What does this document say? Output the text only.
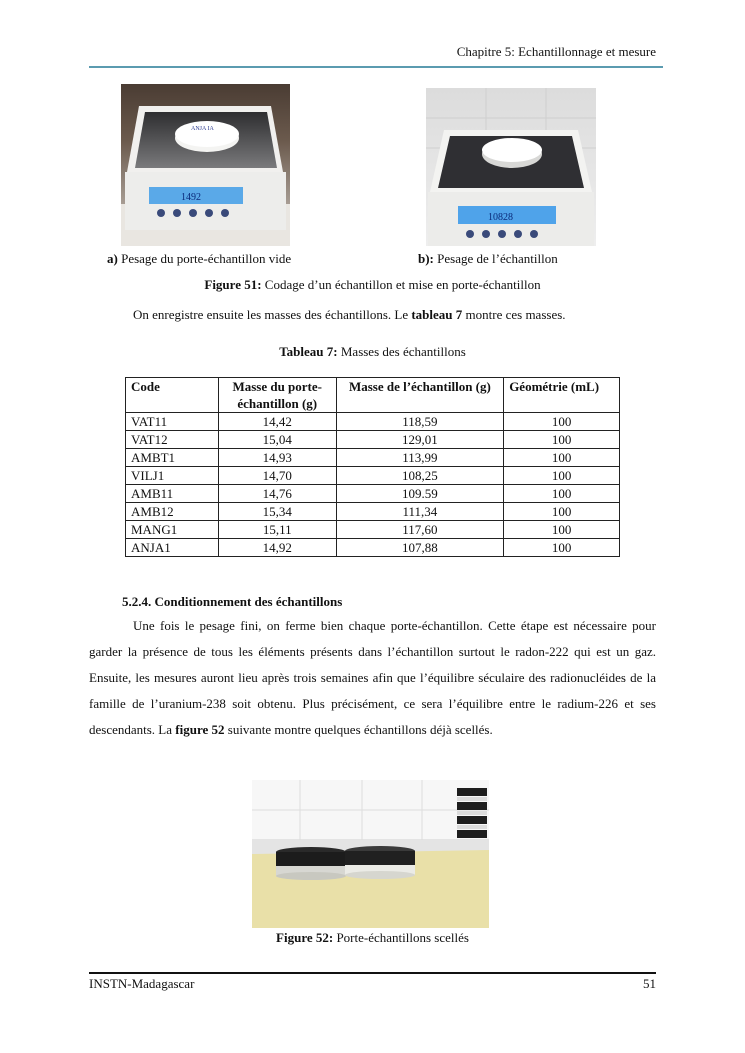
Chapitre 5: Echantillonnage et mesure
ANJA IA
1492
10828
a) Pesage du porte-échantillon vide	b): Pesage de l’échantillon
Figure 51: Codage d’un échantillon et mise en porte-échantillon
On enregistre ensuite les masses des échantillons. Le tableau 7 montre ces masses.
Tableau 7: Masses des échantillons
Code	Masse du porte-échantillon (g)	Masse de l’échantillon (g)	Géométrie (mL)
VAT11	14,42	118,59	100
VAT12	15,04	129,01	100
AMBT1	14,93	113,99	100
VILJ1	14,70	108,25	100
AMB11	14,76	109.59	100
AMB12	15,34	111,34	100
MANG1	15,11	117,60	100
ANJA1	14,92	107,88	100
5.2.4. Conditionnement des échantillons
Une fois le pesage fini, on ferme bien chaque porte-échantillon. Cette étape est nécessaire pour garder la présence de tous les éléments présents dans l’échantillon surtout le radon-222 qui est un gaz. Ensuite, les mesures auront lieu après trois semaines afin que l’équilibre séculaire des radionucléides de la famille de l’uranium-238 soit obtenu. Plus précisément, ce sera l’équilibre entre le radium-226 et ses descendants. La figure 52 suivante montre quelques échantillons déjà scellés.
Figure 52: Porte-échantillons scellés
INSTN-Madagascar	51
